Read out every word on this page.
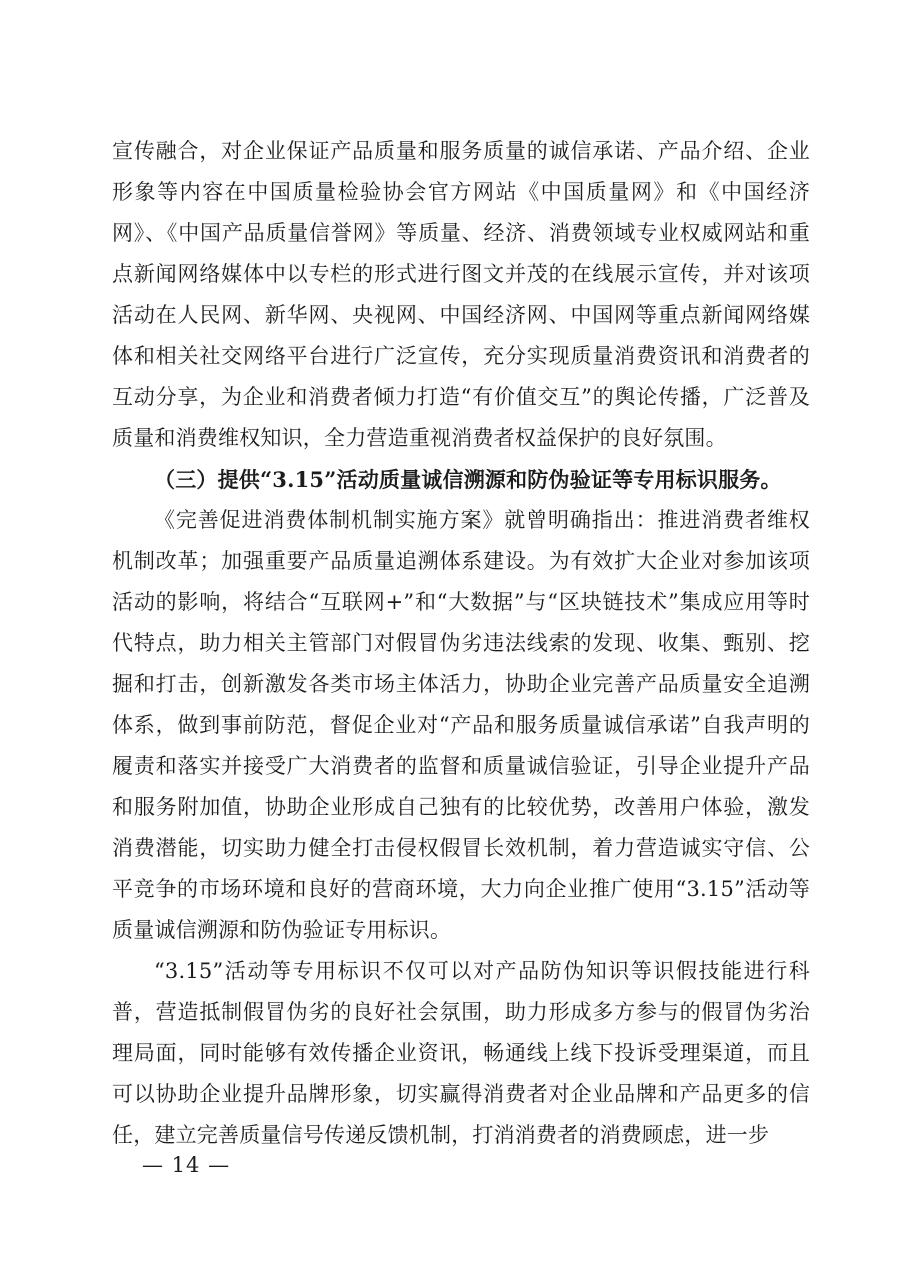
宣传融合，对企业保证产品质量和服务质量的诚信承诺、产品介绍、企业形象等内容在中国质量检验协会官方网站《中国质量网》和《中国经济网》、《中国产品质量信誉网》等质量、经济、消费领域专业权威网站和重点新闻网络媒体中以专栏的形式进行图文并茂的在线展示宣传，并对该项活动在人民网、新华网、央视网、中国经济网、中国网等重点新闻网络媒体和相关社交网络平台进行广泛宣传，充分实现质量消费资讯和消费者的互动分享，为企业和消费者倾力打造“有价值交互”的舆论传播，广泛普及质量和消费维权知识，全力营造重视消费者权益保护的良好氛围。

（三）提供“3.15”活动质量诚信溯源和防伪验证等专用标识服务。

《完善促进消费体制机制实施方案》就曾明确指出：推进消费者维权机制改革；加强重要产品质量追溯体系建设。为有效扩大企业对参加该项活动的影响，将结合“互联网+”和“大数据”与“区块链技术”集成应用等时代特点，助力相关主管部门对假冒伪劣违法线索的发现、收集、甄别、挖掘和打击，创新激发各类市场主体活力，协助企业完善产品质量安全追溯体系，做到事前防范，督促企业对“产品和服务质量诚信承诺”自我声明的履责和落实并接受广大消费者的监督和质量诚信验证，引导企业提升产品和服务附加值，协助企业形成自己独有的比较优势，改善用户体验，激发消费潜能，切实助力健全打击侵权假冒长效机制，着力营造诚实守信、公平竞争的市场环境和良好的营商环境，大力向企业推广使用“3.15”活动等质量诚信溯源和防伪验证专用标识。

“3.15”活动等专用标识不仅可以对产品防伪知识等识假技能进行科普，营造抵制假冒伪劣的良好社会氛围，助力形成多方参与的假冒伪劣治理局面，同时能够有效传播企业资讯，畅通线上线下投诉受理渠道，而且可以协助企业提升品牌形象，切实赢得消费者对企业品牌和产品更多的信任，建立完善质量信号传递反馈机制，打消消费者的消费顾虑，进一步

— 14 —
